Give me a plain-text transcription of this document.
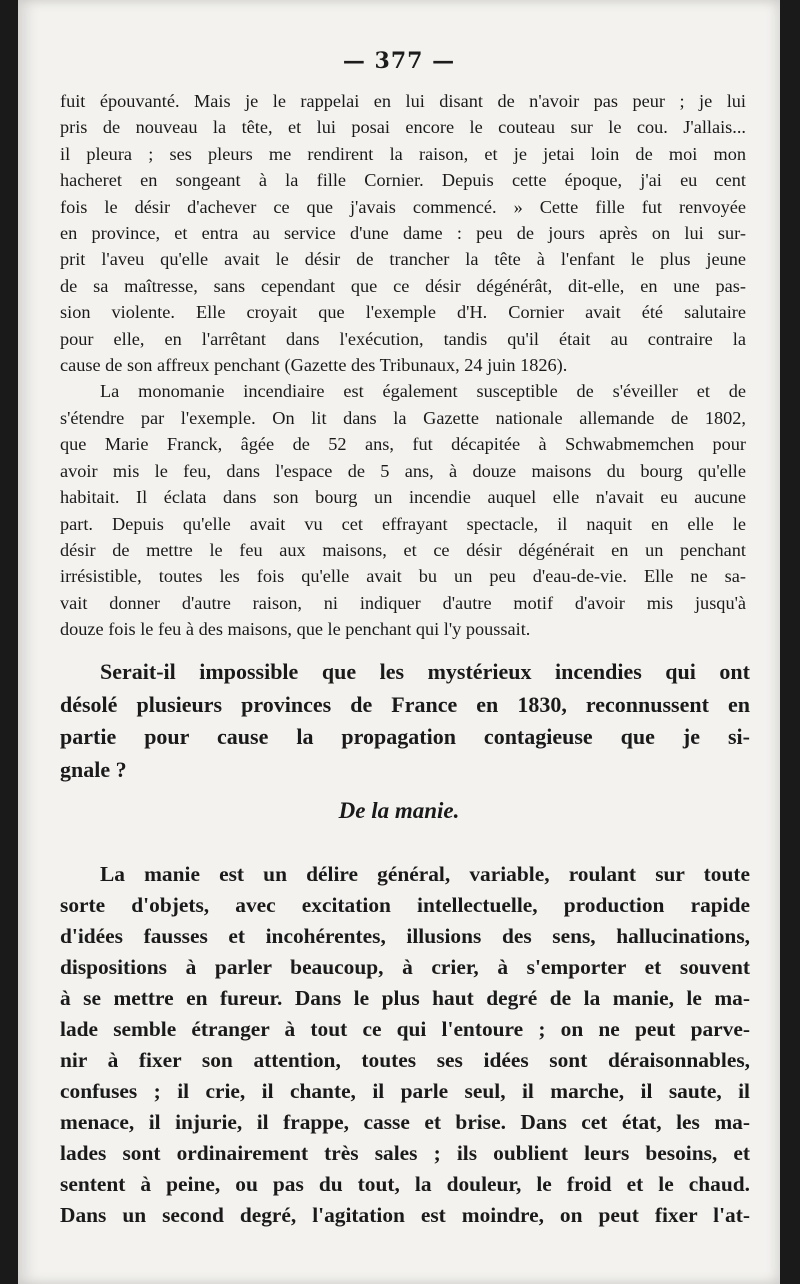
— 377 —
fuit épouvanté. Mais je le rappelai en lui disant de n'avoir pas peur ; je lui
pris de nouveau la tête, et lui posai encore le couteau sur le cou. J'allais...
il pleura ; ses pleurs me rendirent la raison, et je jetai loin de moi mon
hacheret en songeant à la fille Cornier. Depuis cette époque, j'ai eu cent
fois le désir d'achever ce que j'avais commencé. » Cette fille fut renvoyée
en province, et entra au service d'une dame : peu de jours après on lui sur-
prit l'aveu qu'elle avait le désir de trancher la tête à l'enfant le plus jeune
de sa maîtresse, sans cependant que ce désir dégénérât, dit-elle, en une pas-
sion violente. Elle croyait que l'exemple d'H. Cornier avait été salutaire
pour elle, en l'arrêtant dans l'exécution, tandis qu'il était au contraire la
cause de son affreux penchant (Gazette des Tribunaux, 24 juin 1826).
La monomanie incendiaire est également susceptible de s'éveiller et de
s'étendre par l'exemple. On lit dans la Gazette nationale allemande de 1802,
que Marie Franck, âgée de 52 ans, fut décapitée à Schwabmemchen pour
avoir mis le feu, dans l'espace de 5 ans, à douze maisons du bourg qu'elle
habitait. Il éclata dans son bourg un incendie auquel elle n'avait eu aucune
part. Depuis qu'elle avait vu cet effrayant spectacle, il naquit en elle le
désir de mettre le feu aux maisons, et ce désir dégénérait en un penchant
irrésistible, toutes les fois qu'elle avait bu un peu d'eau-de-vie. Elle ne sa-
vait donner d'autre raison, ni indiquer d'autre motif d'avoir mis jusqu'à
douze fois le feu à des maisons, que le penchant qui l'y poussait.
Serait-il impossible que les mystérieux incendies qui ont
désolé plusieurs provinces de France en 1830, reconnussent en
partie pour cause la propagation contagieuse que je si-
gnale ?
De la manie.
La manie est un délire général, variable, roulant sur toute
sorte d'objets, avec excitation intellectuelle, production rapide
d'idées fausses et incohérentes, illusions des sens, hallucinations,
dispositions à parler beaucoup, à crier, à s'emporter et souvent
à se mettre en fureur. Dans le plus haut degré de la manie, le ma-
lade semble étranger à tout ce qui l'entoure ; on ne peut parve-
nir à fixer son attention, toutes ses idées sont déraisonnables,
confuses ; il crie, il chante, il parle seul, il marche, il saute, il
menace, il injurie, il frappe, casse et brise. Dans cet état, les ma-
lades sont ordinairement très sales ; ils oublient leurs besoins, et
sentent à peine, ou pas du tout, la douleur, le froid et le chaud.
Dans un second degré, l'agitation est moindre, on peut fixer l'at-
